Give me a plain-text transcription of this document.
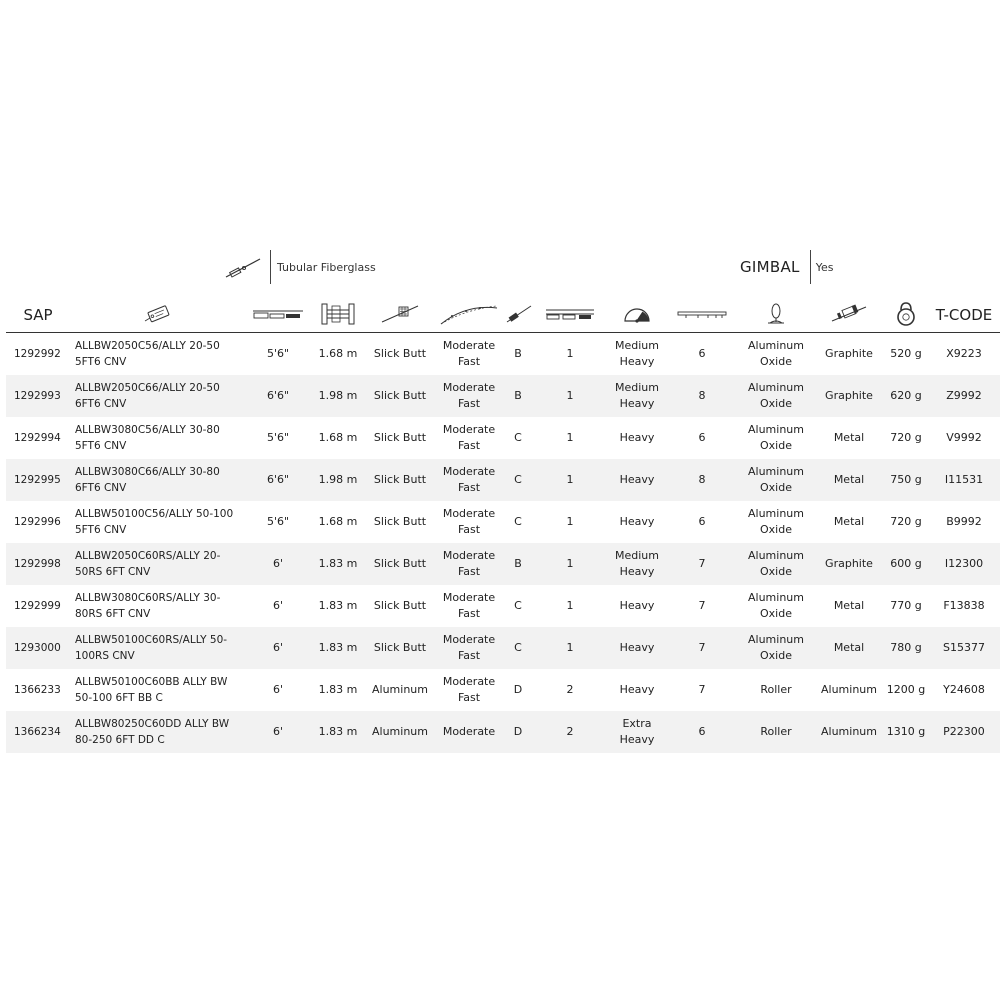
Tubular Fiberglass	GIMBAL Yes
SAP													T-CODE
1292992	ALLBW2050C56/ALLY 20-50 5FT6 CNV	5'6"	1.68 m	Slick Butt	Moderate Fast	B	1	Medium Heavy	6	Aluminum Oxide	Graphite	520 g	X9223
1292993	ALLBW2050C66/ALLY 20-50 6FT6 CNV	6'6"	1.98 m	Slick Butt	Moderate Fast	B	1	Medium Heavy	8	Aluminum Oxide	Graphite	620 g	Z9992
1292994	ALLBW3080C56/ALLY 30-80 5FT6 CNV	5'6"	1.68 m	Slick Butt	Moderate Fast	C	1	Heavy	6	Aluminum Oxide	Metal	720 g	V9992
1292995	ALLBW3080C66/ALLY 30-80 6FT6 CNV	6'6"	1.98 m	Slick Butt	Moderate Fast	C	1	Heavy	8	Aluminum Oxide	Metal	750 g	I11531
1292996	ALLBW50100C56/ALLY 50-100 5FT6 CNV	5'6"	1.68 m	Slick Butt	Moderate Fast	C	1	Heavy	6	Aluminum Oxide	Metal	720 g	B9992
1292998	ALLBW2050C60RS/ALLY 20-50RS 6FT CNV	6'	1.83 m	Slick Butt	Moderate Fast	B	1	Medium Heavy	7	Aluminum Oxide	Graphite	600 g	I12300
1292999	ALLBW3080C60RS/ALLY 30-80RS 6FT CNV	6'	1.83 m	Slick Butt	Moderate Fast	C	1	Heavy	7	Aluminum Oxide	Metal	770 g	F13838
1293000	ALLBW50100C60RS/ALLY 50-100RS CNV	6'	1.83 m	Slick Butt	Moderate Fast	C	1	Heavy	7	Aluminum Oxide	Metal	780 g	S15377
1366233	ALLBW50100C60BB ALLY BW 50-100 6FT BB C	6'	1.83 m	Aluminum	Moderate Fast	D	2	Heavy	7	Roller	Aluminum	1200 g	Y24608
1366234	ALLBW80250C60DD ALLY BW 80-250 6FT DD C	6'	1.83 m	Aluminum	Moderate	D	2	Extra Heavy	6	Roller	Aluminum	1310 g	P22300
